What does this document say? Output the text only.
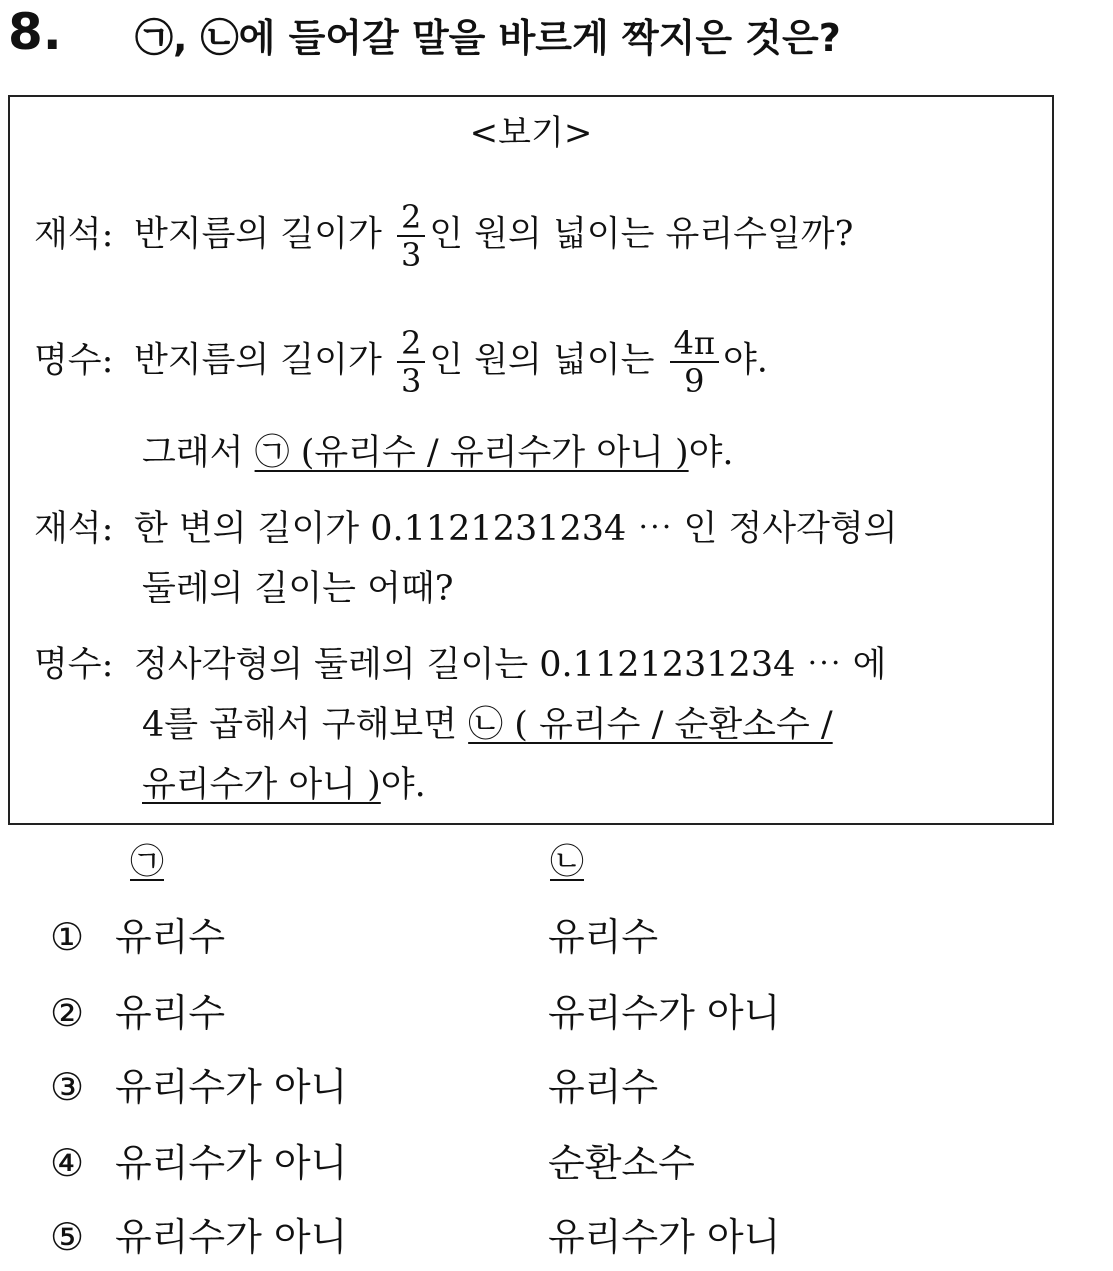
8. ㉠, ㉡에 들어갈 말을 바르게 짝지은 것은?
<보기>
재석: 반지름의 길이가 $\frac{2}{3}$ 인 원의 넓이는 유리수일까?
명수: 반지름의 길이가 $\frac{2}{3}$ 인 원의 넓이는 $\frac{4\pi}{9}$ 야.
그래서 ㉠ (유리수 / 유리수가 아니 )야.
재석: 한 변의 길이가 0.1121231234 ⋯ 인 정사각형의
둘레의 길이는 어때?
명수: 정사각형의 둘레의 길이는 0.1121231234 ⋯ 에
4를 곱해서 구해보면 ㉡ ( 유리수 / 순환소수 /
유리수가 아니 )야.
㉠	㉡
① 유리수	유리수
② 유리수	유리수가 아니
③ 유리수가 아니	유리수
④ 유리수가 아니	순환소수
⑤ 유리수가 아니	유리수가 아니
